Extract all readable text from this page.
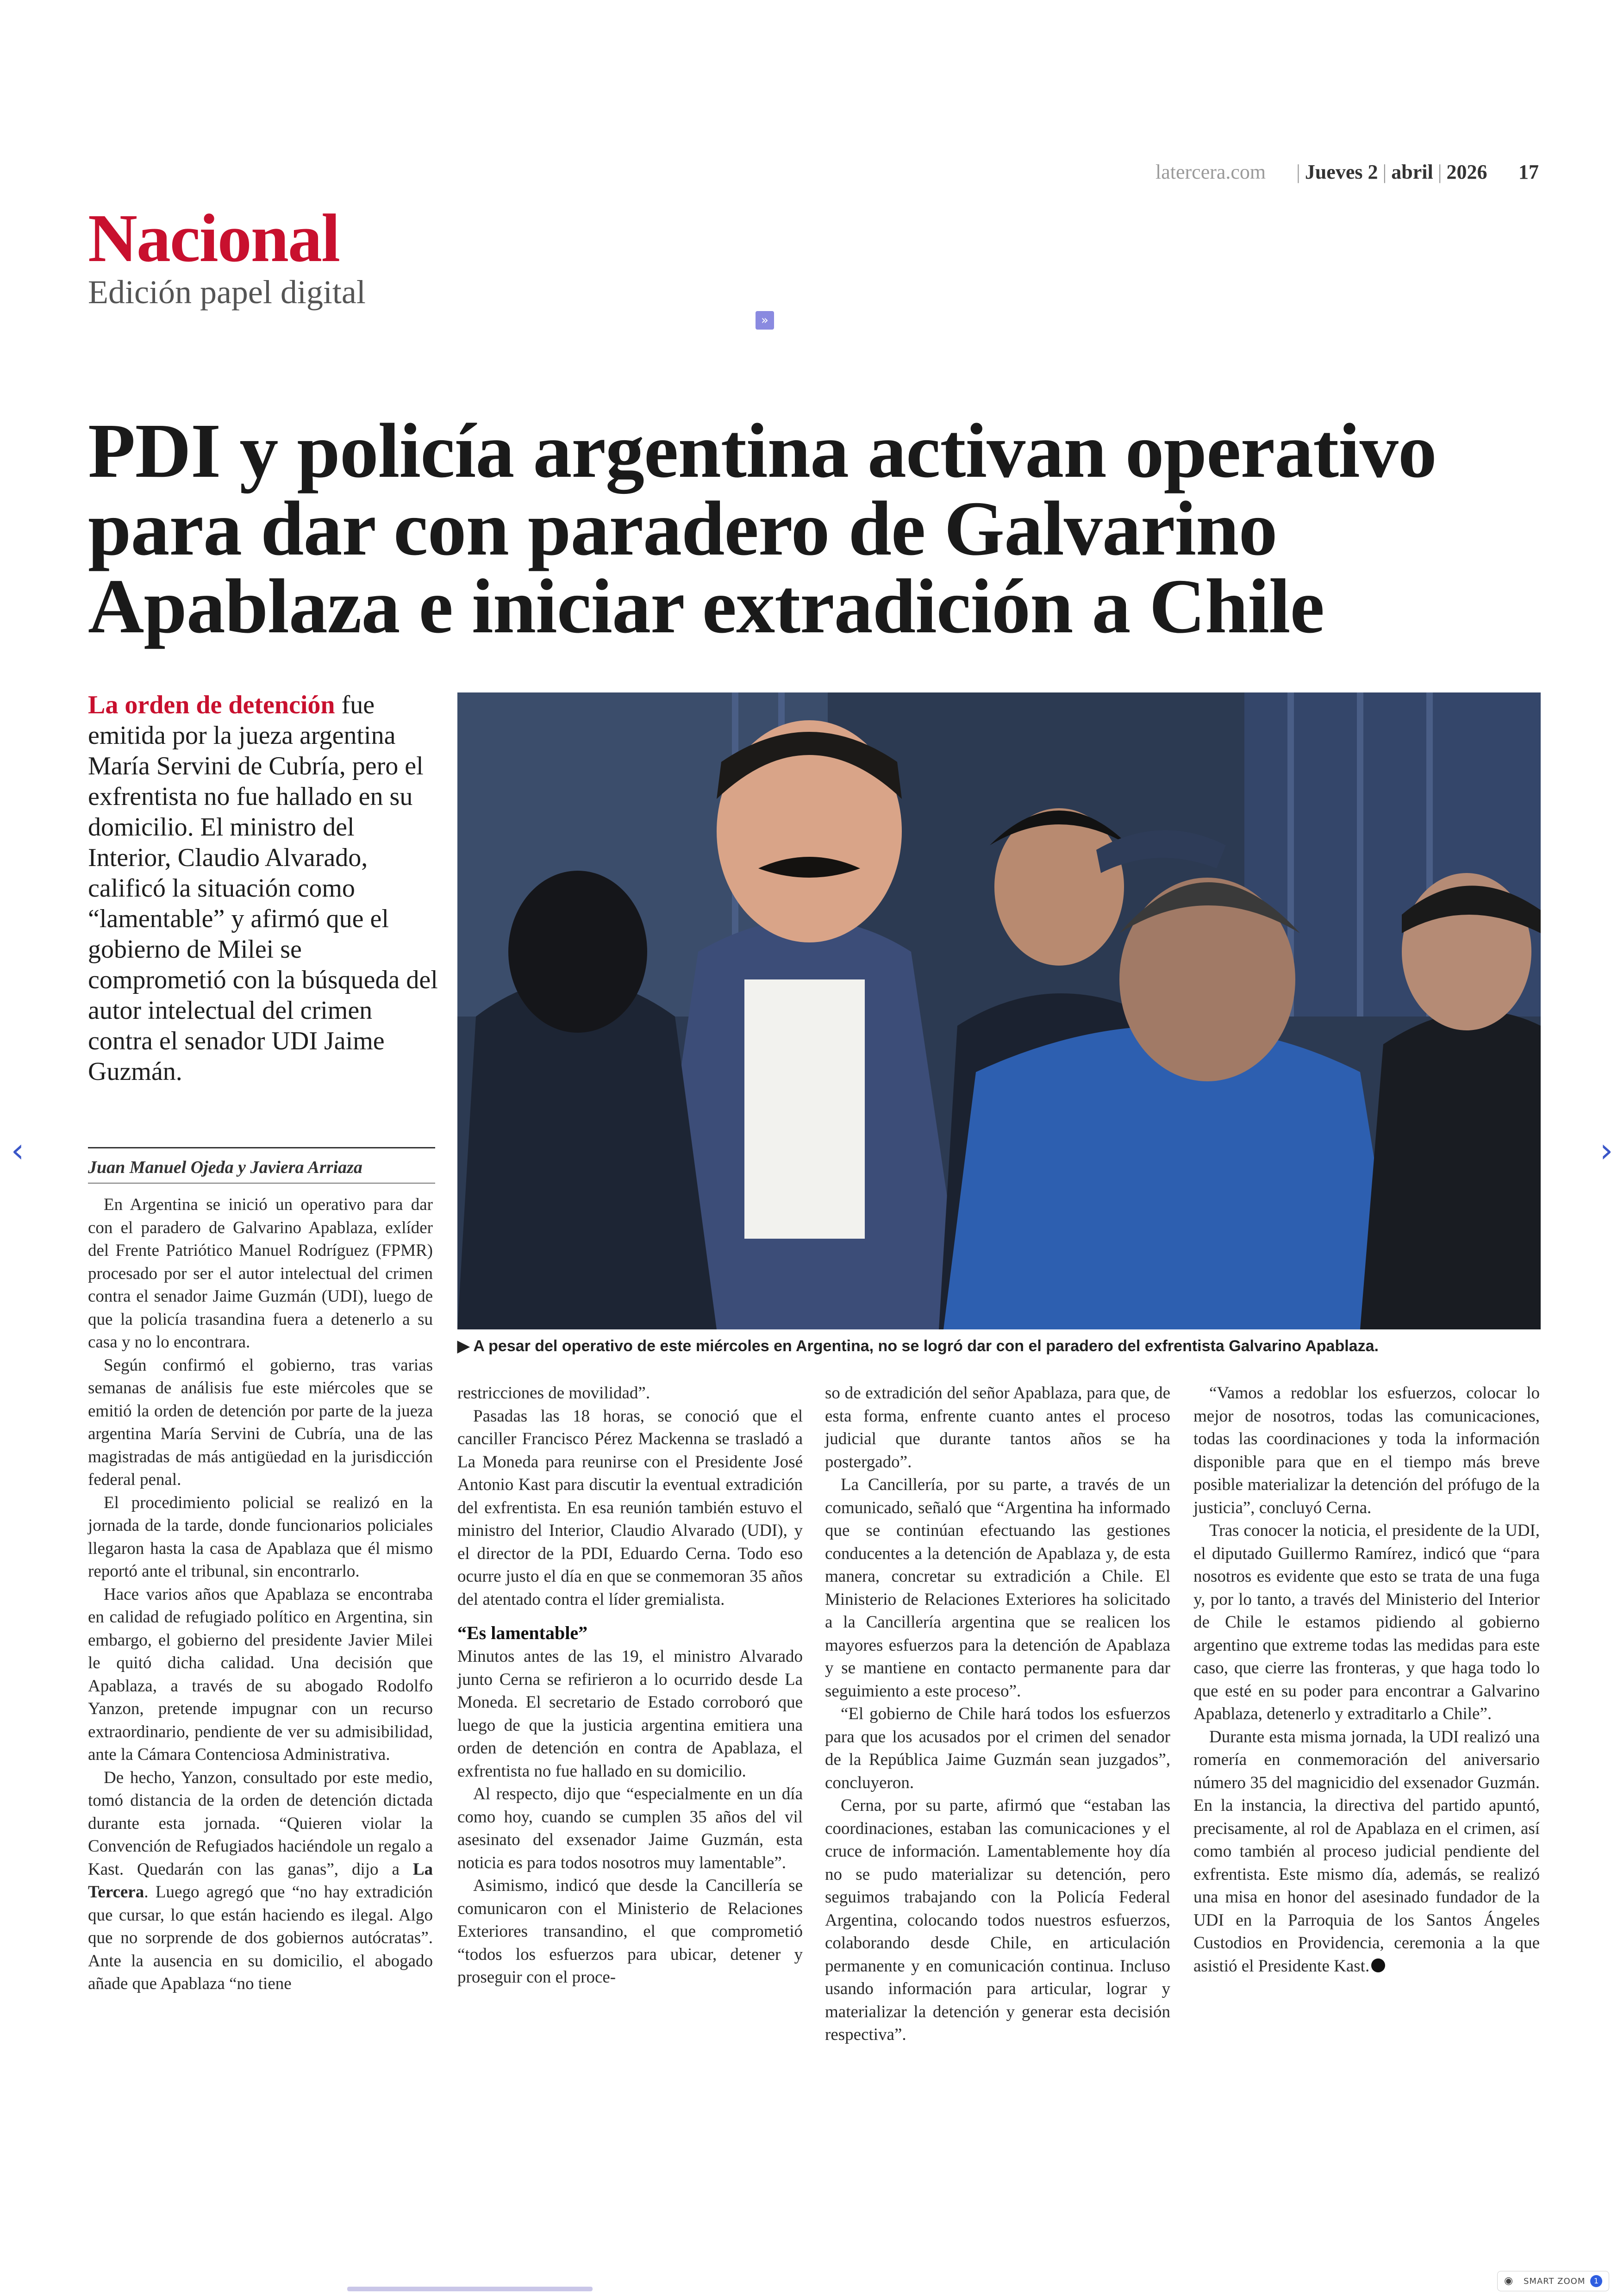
latercera.com | Jueves 2 | abril | 2026 17
Nacional
Edición papel digital
»
PDI y policía argentina activan operativo para dar con paradero de Galvarino Apablaza e iniciar extradición a Chile
La orden de detención fue emitida por la jueza argentina María Servini de Cubría, pero el exfrentista no fue hallado en su domicilio. El ministro del Interior, Claudio Alvarado, calificó la situación como “lamentable” y afirmó que el gobierno de Milei se comprometió con la búsqueda del autor intelectual del crimen contra el senador UDI Jaime Guzmán.
Juan Manuel Ojeda y Javiera Arriaza
▶ A pesar del operativo de este miércoles en Argentina, no se logró dar con el paradero del exfrentista Galvarino Apablaza.

En Argentina se inició un operativo para dar con el paradero de Galvarino Apablaza, exlíder del Frente Patriótico Manuel Rodríguez (FPMR) procesado por ser el autor intelectual del crimen contra el senador Jaime Guzmán (UDI), luego de que la policía trasandina fuera a detenerlo a su casa y no lo encontrara.

Según confirmó el gobierno, tras varias semanas de análisis fue este miércoles que se emitió la orden de detención por parte de la jueza argentina María Servini de Cubría, una de las magistradas de más antigüedad en la jurisdicción federal penal.

El procedimiento policial se realizó en la jornada de la tarde, donde funcionarios policiales llegaron hasta la casa de Apablaza que él mismo reportó ante el tribunal, sin encontrarlo.

Hace varios años que Apablaza se encontraba en calidad de refugiado político en Argentina, sin embargo, el gobierno del presidente Javier Milei le quitó dicha calidad. Una decisión que Apablaza, a través de su abogado Rodolfo Yanzon, pretende impugnar con un recurso extraordinario, pendiente de ver su admisibilidad, ante la Cámara Contenciosa Administrativa.

De hecho, Yanzon, consultado por este medio, tomó distancia de la orden de detención dictada durante esta jornada. “Quieren violar la Convención de Refugiados haciéndole un regalo a Kast. Quedarán con las ganas”, dijo a La Tercera. Luego agregó que “no hay extradición que cursar, lo que están haciendo es ilegal. Algo que no sorprende de dos gobiernos autócratas”. Ante la ausencia en su domicilio, el abogado añade que Apablaza “no tiene

restricciones de movilidad”.

Pasadas las 18 horas, se conoció que el canciller Francisco Pérez Mackenna se trasladó a La Moneda para reunirse con el Presidente José Antonio Kast para discutir la eventual extradición del exfrentista. En esa reunión también estuvo el ministro del Interior, Claudio Alvarado (UDI), y el director de la PDI, Eduardo Cerna. Todo eso ocurre justo el día en que se conmemoran 35 años del atentado contra el líder gremialista.

“Es lamentable”

Minutos antes de las 19, el ministro Alvarado junto Cerna se refirieron a lo ocurrido desde La Moneda. El secretario de Estado corroboró que luego de que la justicia argentina emitiera una orden de detención en contra de Apablaza, el exfrentista no fue hallado en su domicilio.

Al respecto, dijo que “especialmente en un día como hoy, cuando se cumplen 35 años del vil asesinato del exsenador Jaime Guzmán, esta noticia es para todos nosotros muy lamentable”.

Asimismo, indicó que desde la Cancillería se comunicaron con el Ministerio de Relaciones Exteriores transandino, el que comprometió “todos los esfuerzos para ubicar, detener y proseguir con el proce-

so de extradición del señor Apablaza, para que, de esta forma, enfrente cuanto antes el proceso judicial que durante tantos años se ha postergado”.

La Cancillería, por su parte, a través de un comunicado, señaló que “Argentina ha informado que se continúan efectuando las gestiones conducentes a la detención de Apablaza y, de esta manera, concretar su extradición a Chile. El Ministerio de Relaciones Exteriores ha solicitado a la Cancillería argentina que se realicen los mayores esfuerzos para la detención de Apablaza y se mantiene en contacto permanente para dar seguimiento a este proceso”.

“El gobierno de Chile hará todos los esfuerzos para que los acusados por el crimen del senador de la República Jaime Guzmán sean juzgados”, concluyeron.

Cerna, por su parte, afirmó que “estaban las coordinaciones, estaban las comunicaciones y el cruce de información. Lamentablemente hoy día no se pudo materializar su detención, pero seguimos trabajando con la Policía Federal Argentina, colocando todos nuestros esfuerzos, colaborando desde Chile, en articulación permanente y en comunicación continua. Incluso usando información para articular, lograr y materializar la detención y generar esta decisión respectiva”.

“Vamos a redoblar los esfuerzos, colocar lo mejor de nosotros, todas las comunicaciones, todas las coordinaciones y toda la información disponible para que en el tiempo más breve posible materializar la detención del prófugo de la justicia”, concluyó Cerna.

Tras conocer la noticia, el presidente de la UDI, el diputado Guillermo Ramírez, indicó que “para nosotros es evidente que esto se trata de una fuga y, por lo tanto, a través del Ministerio del Interior de Chile le estamos pidiendo al gobierno argentino que extreme todas las medidas para este caso, que cierre las fronteras, y que haga todo lo que esté en su poder para encontrar a Galvarino Apablaza, detenerlo y extraditarlo a Chile”.

Durante esta misma jornada, la UDI realizó una romería en conmemoración del aniversario número 35 del magnicidio del exsenador Guzmán. En la instancia, la directiva del partido apuntó, precisamente, al rol de Apablaza en el crimen, así como también al proceso judicial pendiente del exfrentista. Este mismo día, además, se realizó una misa en honor del asesinado fundador de la UDI en la Parroquia de los Santos Ángeles Custodios en Providencia, ceremonia a la que asistió el Presidente Kast.

‹	›
◉ SMART ZOOM	1
